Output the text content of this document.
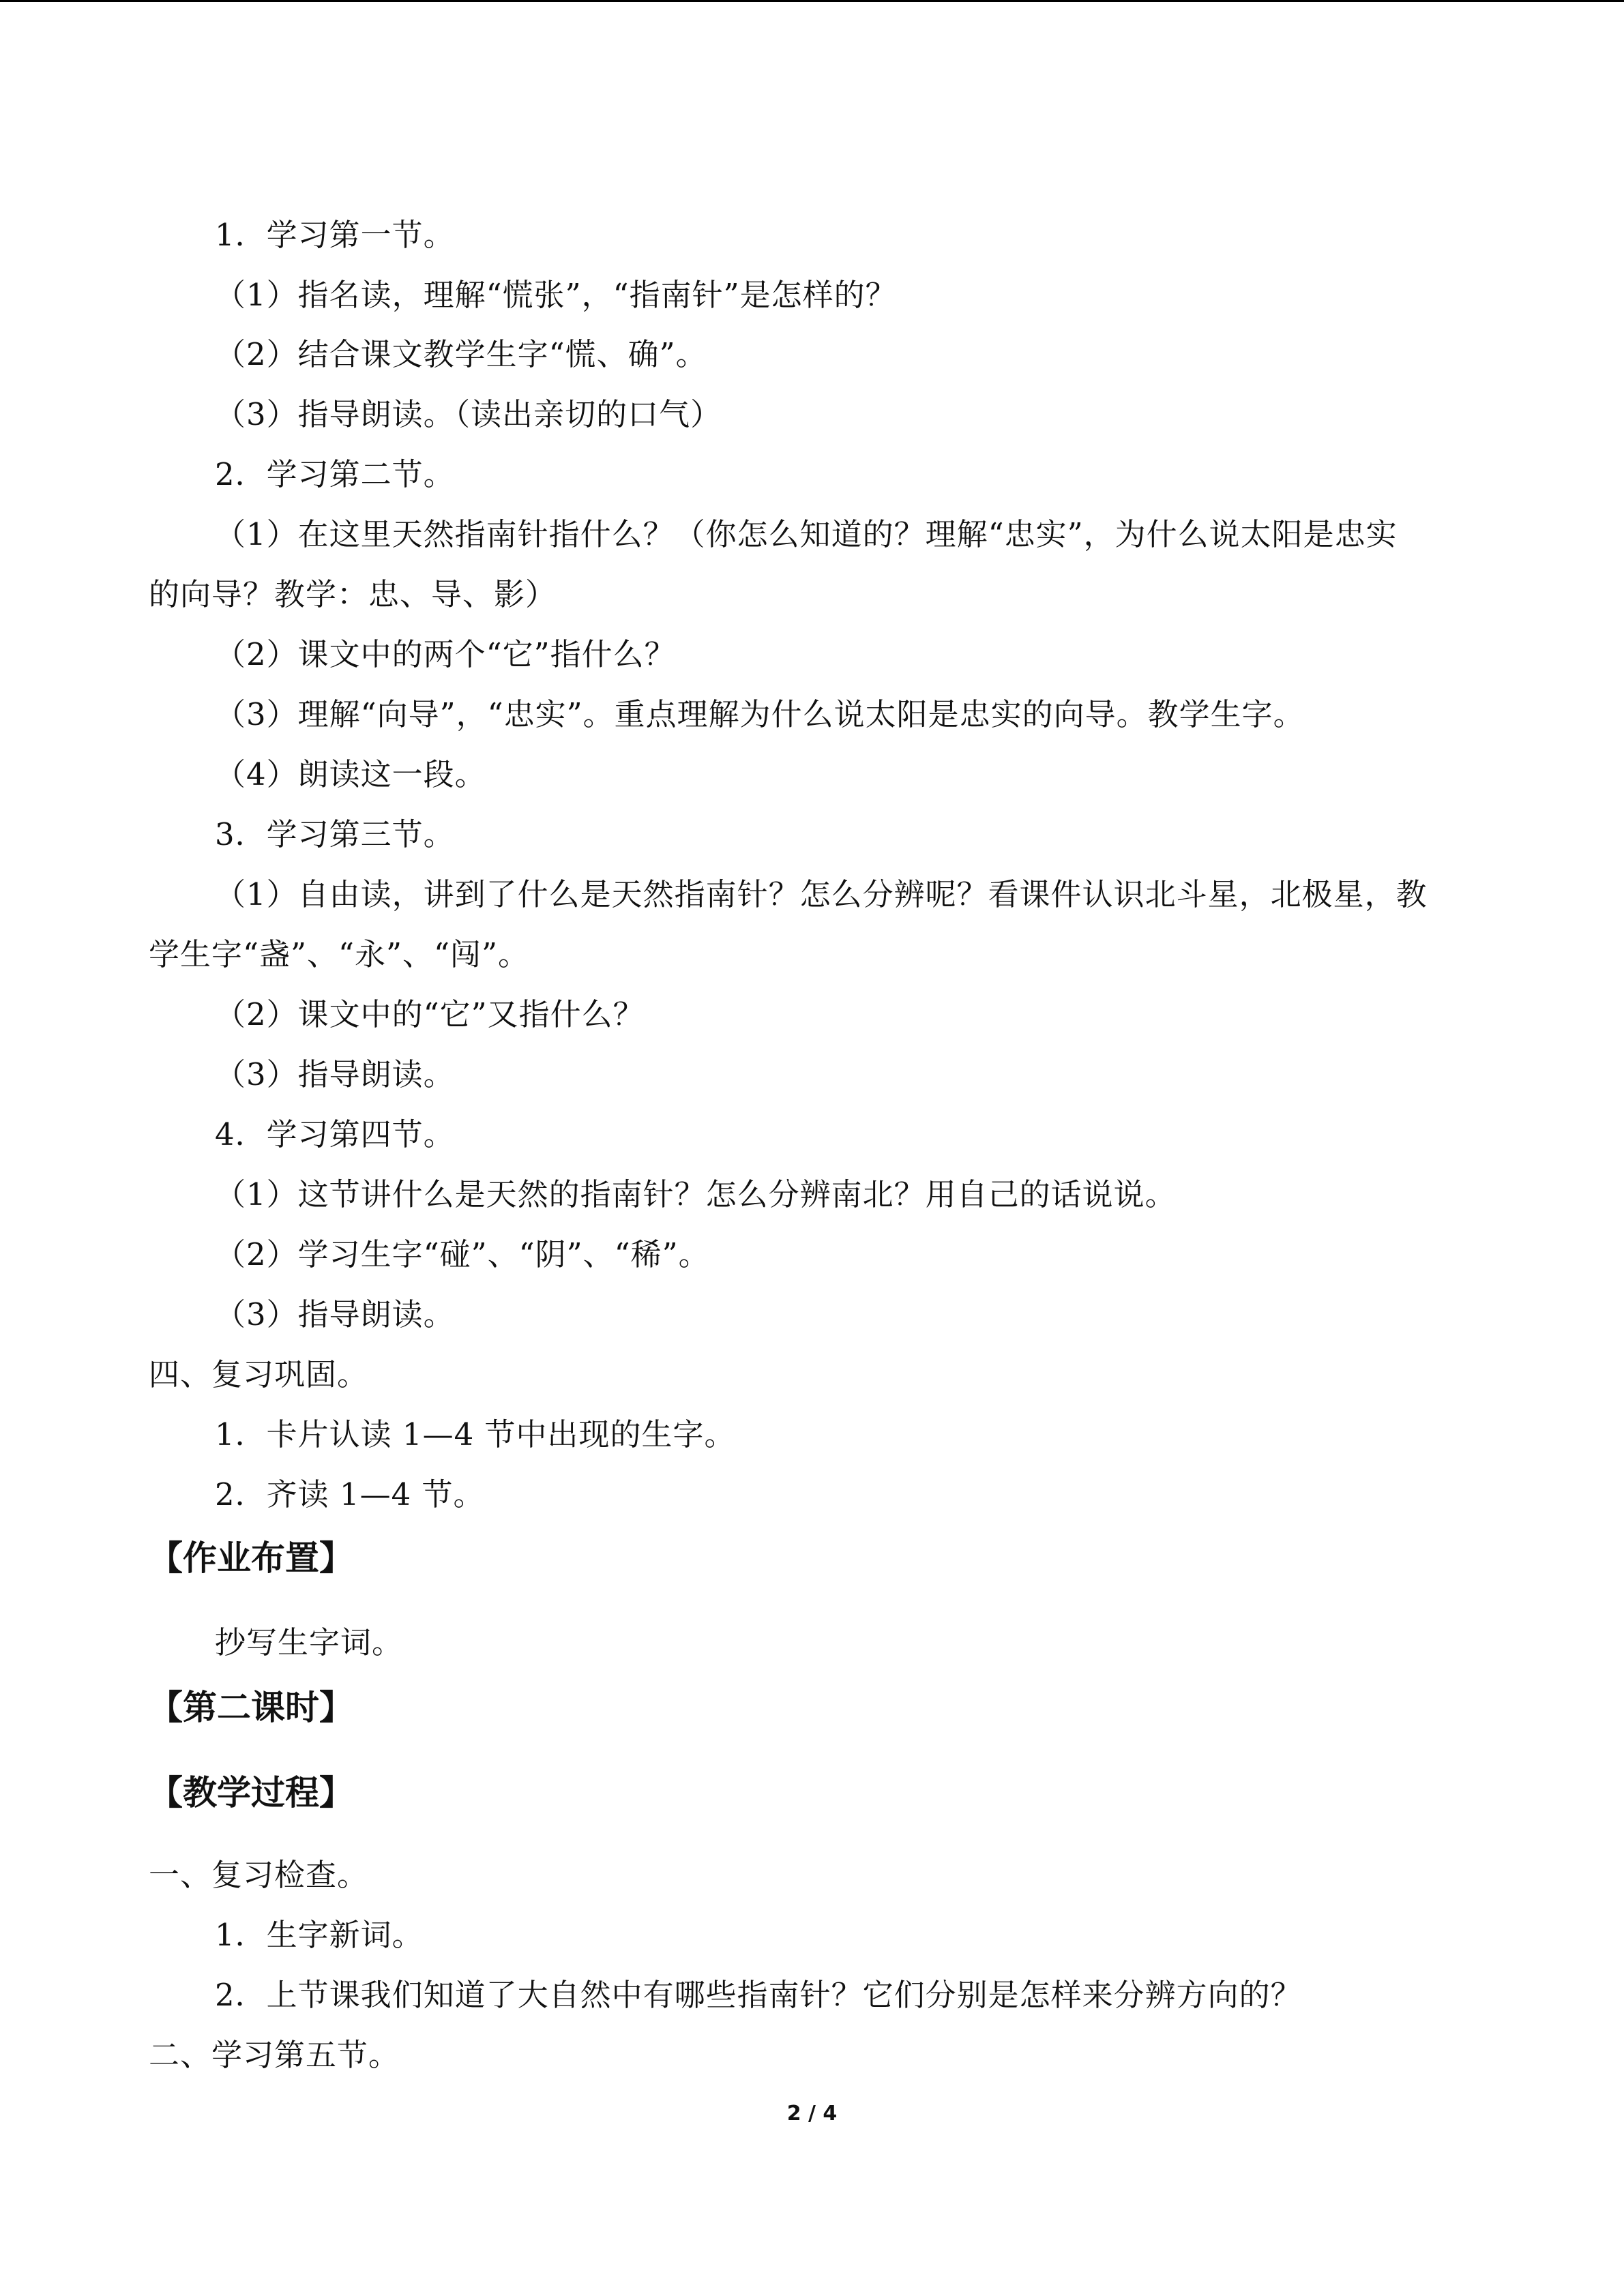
1．学习第一节。
（1）指名读，理解“慌张”，“指南针”是怎样的？
（2）结合课文教学生字“慌、确”。
（3）指导朗读。（读出亲切的口气）
2．学习第二节。
（1）在这里天然指南针指什么？（你怎么知道的？理解“忠实”，为什么说太阳是忠实
的向导？教学：忠、导、影）
（2）课文中的两个“它”指什么？
（3）理解“向导”，“忠实”。重点理解为什么说太阳是忠实的向导。教学生字。
（4）朗读这一段。
3．学习第三节。
（1）自由读，讲到了什么是天然指南针？怎么分辨呢？看课件认识北斗星，北极星，教
学生字“盏”、“永”、“闯”。
（2）课文中的“它”又指什么？
（3）指导朗读。
4．学习第四节。
（1）这节讲什么是天然的指南针？怎么分辨南北？用自己的话说说。
（2）学习生字“碰”、“阴”、“稀”。
（3）指导朗读。
四、复习巩固。
1．卡片认读 1—4 节中出现的生字。
2．齐读 1—4 节。
【作业布置】
抄写生字词。
【第二课时】
【教学过程】
一、复习检查。
1．生字新词。
2．上节课我们知道了大自然中有哪些指南针？它们分别是怎样来分辨方向的？
二、学习第五节。
2 / 4
